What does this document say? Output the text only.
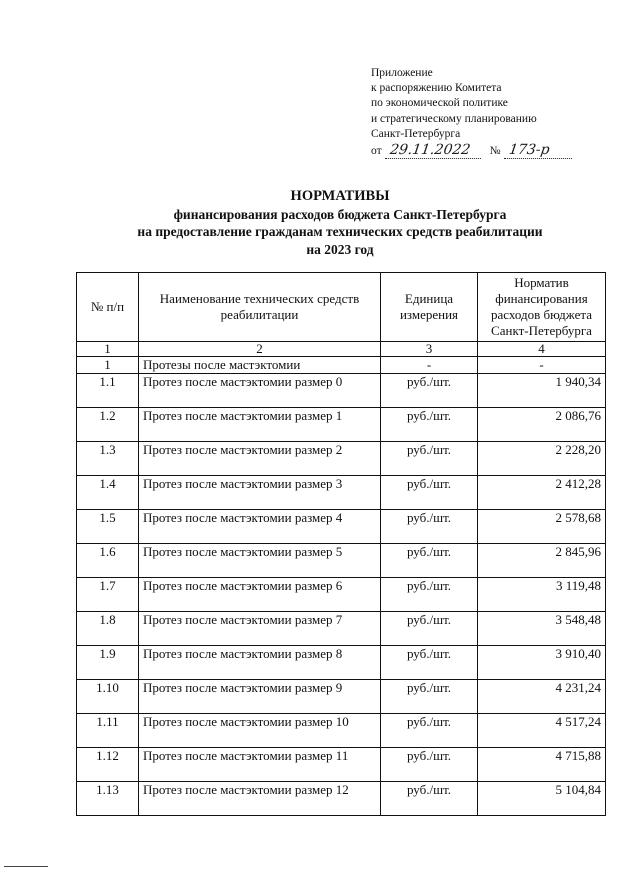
Приложение
к распоряжению Комитета
по экономической политике
и стратегическому планированию
Санкт-Петербурга
от 29.11.2022	№ 173-р
НОРМАТИВЫ
финансирования расходов бюджета Санкт-Петербурга
на предоставление гражданам технических средств реабилитации
на 2023 год
№ п/п	Наименование технических средств реабилитации	Единица измерения	Норматив финансирования расходов бюджета Санкт-Петербурга
1	2	3	4
1	Протезы после мастэктомии	-	-
1.1	Протез после мастэктомии размер 0	руб./шт.	1 940,34
1.2	Протез после мастэктомии размер 1	руб./шт.	2 086,76
1.3	Протез после мастэктомии размер 2	руб./шт.	2 228,20
1.4	Протез после мастэктомии размер 3	руб./шт.	2 412,28
1.5	Протез после мастэктомии размер 4	руб./шт.	2 578,68
1.6	Протез после мастэктомии размер 5	руб./шт.	2 845,96
1.7	Протез после мастэктомии размер 6	руб./шт.	3 119,48
1.8	Протез после мастэктомии размер 7	руб./шт.	3 548,48
1.9	Протез после мастэктомии размер 8	руб./шт.	3 910,40
1.10	Протез после мастэктомии размер 9	руб./шт.	4 231,24
1.11	Протез после мастэктомии размер 10	руб./шт.	4 517,24
1.12	Протез после мастэктомии размер 11	руб./шт.	4 715,88
1.13	Протез после мастэктомии размер 12	руб./шт.	5 104,84
